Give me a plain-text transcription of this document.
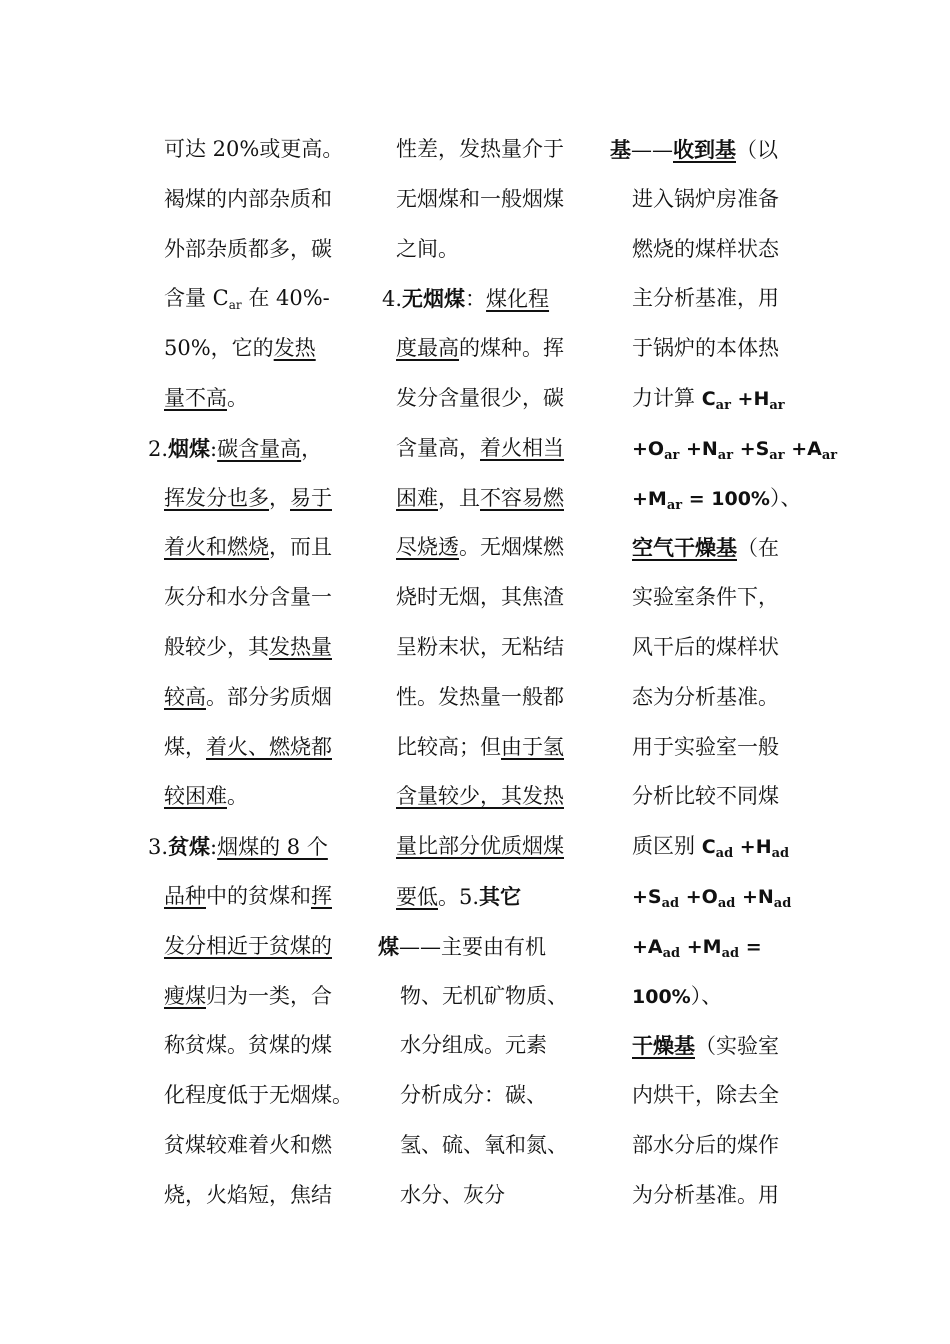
可达 20%或更高。
褐煤的内部杂质和
外部杂质都多，碳
含量 $C_{ar}$ 在 40%-
50%，它的发热
量不高。
2.烟煤:碳含量高，
挥发分也多，易于
着火和燃烧，而且
灰分和水分含量一
般较少，其发热量
较高。部分劣质烟
煤，着火、燃烧都
较困难。
3.贫煤:烟煤的 8 个
品种中的贫煤和挥
发分相近于贫煤的
瘦煤归为一类，合
称贫煤。贫煤的煤
化程度低于无烟煤。
贫煤较难着火和燃
烧，火焰短，焦结
性差，发热量介于
无烟煤和一般烟煤
之间。
4.无烟煤：煤化程
度最高的煤种。挥
发分含量很少，碳
含量高，着火相当
困难，且不容易燃
尽烧透。无烟煤燃
烧时无烟，其焦渣
呈粉末状，无粘结
性。发热量一般都
比较高；但由于氢
含量较少，其发热
量比部分优质烟煤
要低。5.其它
煤——主要由有机
物、无机矿物质、
水分组成。元素
分析成分：碳、
氢、硫、氧和氮、
水分、灰分
基——收到基（以
进入锅炉房准备
燃烧的煤样状态
主分析基准，用
于锅炉的本体热
力计算 $C_{ar} +H_{ar}$
$+O_{ar} +N_{ar} +S_{ar} +A_{ar}$
$+M_{ar} = 100\%$）、
空气干燥基（在
实验室条件下，
风干后的煤样状
态为分析基准。
用于实验室一般
分析比较不同煤
质区别 $C_{ad} +H_{ad}$
$+S_{ad} +O_{ad} +N_{ad}$
$+A_{ad} +M_{ad}$ =
100%）、
干燥基（实验室
内烘干，除去全
部水分后的煤作
为分析基准。用
